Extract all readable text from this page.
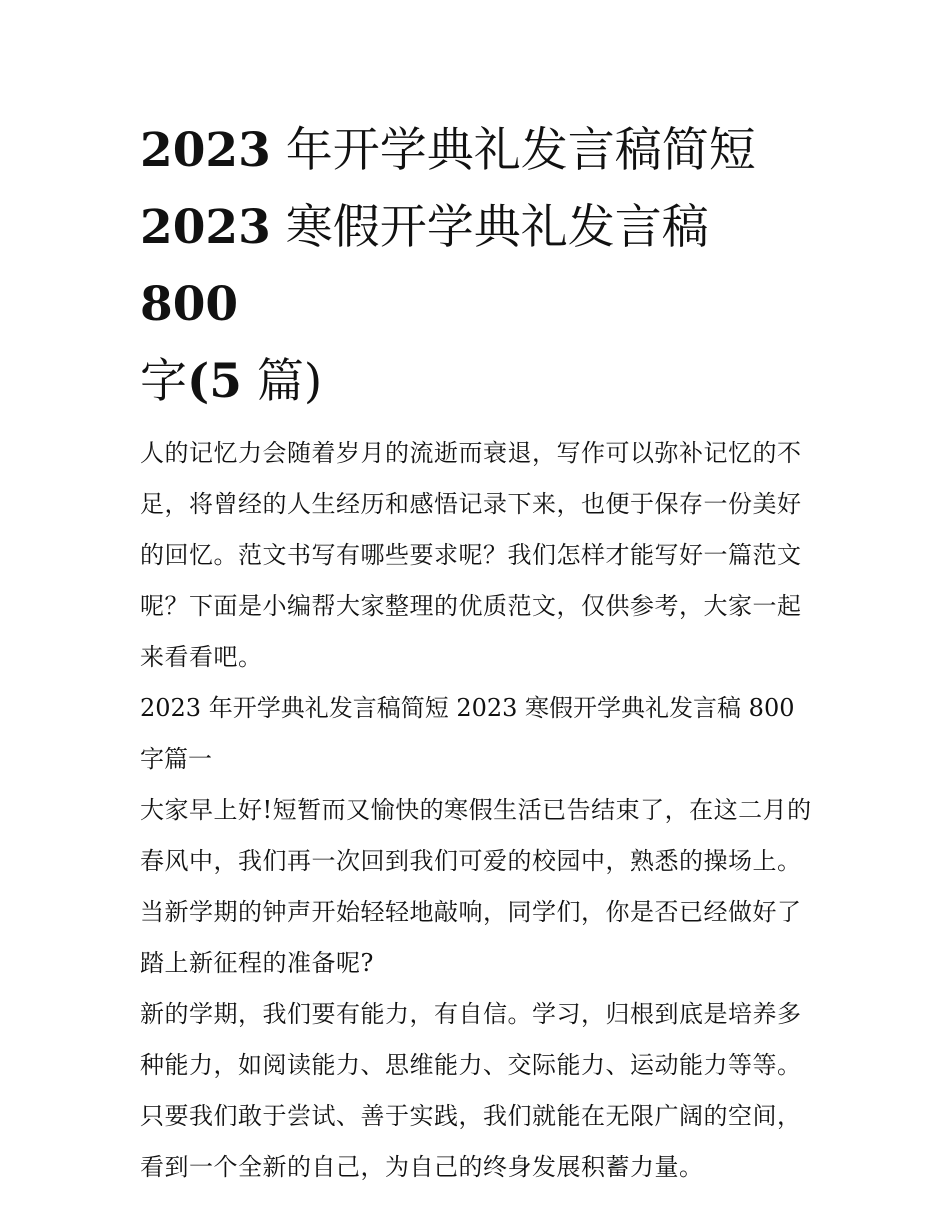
2023 年开学典礼发言稿简短
2023 寒假开学典礼发言稿 800
字(5 篇)

人的记忆力会随着岁月的流逝而衰退，写作可以弥补记忆的不足，将曾经的人生经历和感悟记录下来，也便于保存一份美好的回忆。范文书写有哪些要求呢？我们怎样才能写好一篇范文呢？下面是小编帮大家整理的优质范文，仅供参考，大家一起来看看吧。

2023 年开学典礼发言稿简短 2023 寒假开学典礼发言稿 800 字篇一

大家早上好!短暂而又愉快的寒假生活已告结束了，在这二月的春风中，我们再一次回到我们可爱的校园中，熟悉的操场上。当新学期的钟声开始轻轻地敲响，同学们，你是否已经做好了踏上新征程的准备呢?

新的学期，我们要有能力，有自信。学习，归根到底是培养多种能力，如阅读能力、思维能力、交际能力、运动能力等等。只要我们敢于尝试、善于实践，我们就能在无限广阔的空间，看到一个全新的自己，为自己的终身发展积蓄力量。
